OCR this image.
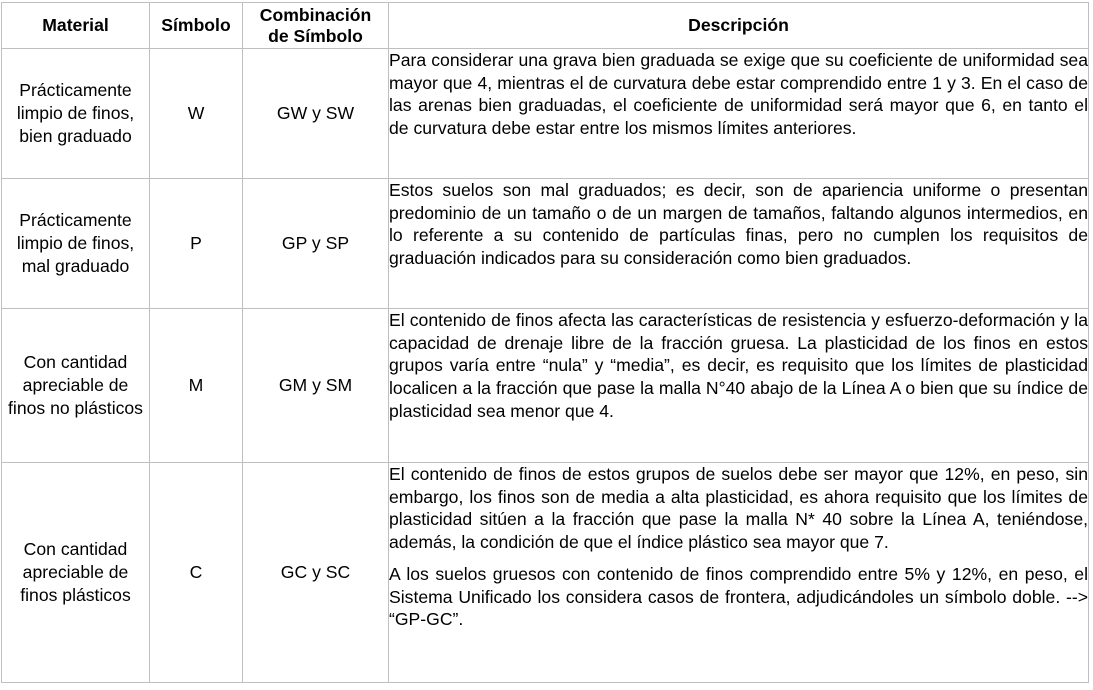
Material	Símbolo	Combinación de Símbolo	Descripción
Prácticamente limpio de finos, bien graduado	W	GW y SW	Para considerar una grava bien graduada se exige que su coeficiente de uniformidad sea mayor que 4, mientras el de curvatura debe estar comprendido entre 1 y 3. En el caso de las arenas bien graduadas, el coeficiente de uniformidad será mayor que 6, en tanto el de curvatura debe estar entre los mismos límites anteriores.

Prácticamente limpio de finos, mal graduado	P	GP y SP	Estos suelos son mal graduados; es decir, son de apariencia uniforme o presentan predominio de un tamaño o de un margen de tamaños, faltando algunos intermedios, en lo referente a su contenido de partículas finas, pero no cumplen los requisitos de graduación indicados para su consideración como bien graduados.

Con cantidad apreciable de finos no plásticos	M	GM y SM	El contenido de finos afecta las características de resistencia y esfuerzo-deformación y la capacidad de drenaje libre de la fracción gruesa. La plasticidad de los finos en estos grupos varía entre “nula” y “media”, es decir, es requisito que los límites de plasticidad localicen a la fracción que pase la malla N°40 abajo de la Línea A o bien que su índice de plasticidad sea menor que 4.

Con cantidad apreciable de finos plásticos	C	GC y SC	El contenido de finos de estos grupos de suelos debe ser mayor que 12%, en peso, sin embargo, los finos son de media a alta plasticidad, es ahora requisito que los límites de plasticidad sitúen a la fracción que pase la malla N* 40 sobre la Línea A, teniéndose, además, la condición de que el índice plástico sea mayor que 7.

A los suelos gruesos con contenido de finos comprendido entre 5% y 12%, en peso, el Sistema Unificado los considera casos de frontera, adjudicándoles un símbolo doble. --> “GP-GC”.
